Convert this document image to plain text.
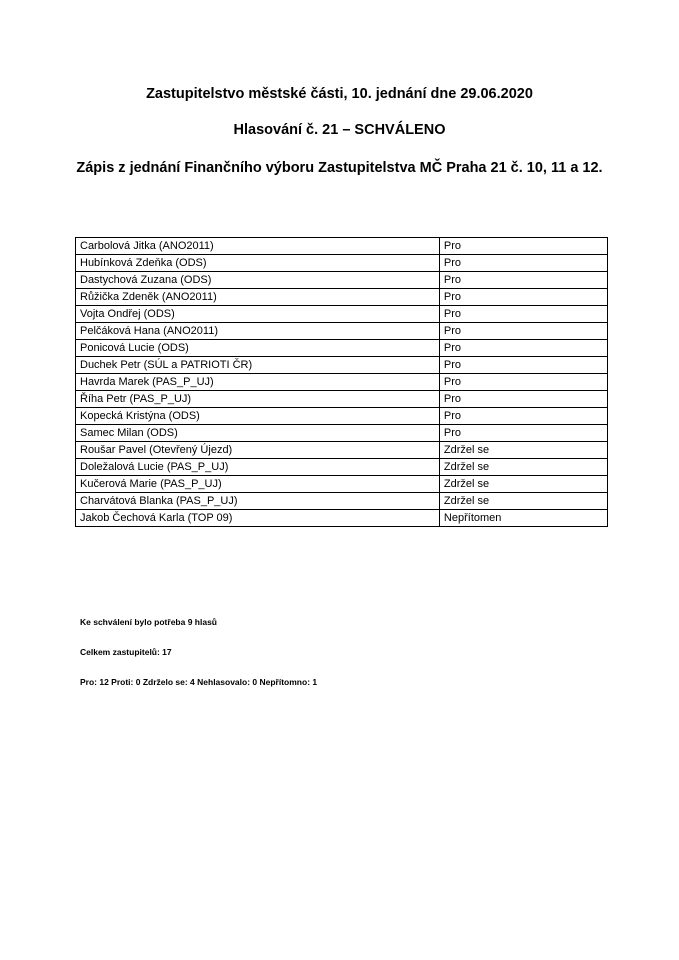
Zastupitelstvo městské části, 10. jednání dne 29.06.2020

Hlasování č. 21 – SCHVÁLENO

Zápis z jednání Finančního výboru Zastupitelstva MČ Praha 21 č. 10, 11 a 12.

Carbolová Jitka (ANO2011)	Pro
Hubínková Zdeňka (ODS)	Pro
Dastychová Zuzana (ODS)	Pro
Růžička Zdeněk (ANO2011)	Pro
Vojta Ondřej (ODS)	Pro
Pelčáková Hana (ANO2011)	Pro
Ponicová Lucie (ODS)	Pro
Duchek Petr (SÚL a PATRIOTI ČR)	Pro
Havrda Marek (PAS_P_UJ)	Pro
Říha Petr (PAS_P_UJ)	Pro
Kopecká Kristýna (ODS)	Pro
Samec Milan (ODS)	Pro
Roušar Pavel (Otevřený Újezd)	Zdržel se
Doležalová Lucie (PAS_P_UJ)	Zdržel se
Kučerová Marie (PAS_P_UJ)	Zdržel se
Charvátová Blanka (PAS_P_UJ)	Zdržel se
Jakob Čechová Karla (TOP 09)	Nepřítomen

Ke schválení bylo potřeba 9 hlasů

Celkem zastupitelů: 17

Pro: 12 Proti: 0 Zdrželo se: 4 Nehlasovalo: 0 Nepřítomno: 1
